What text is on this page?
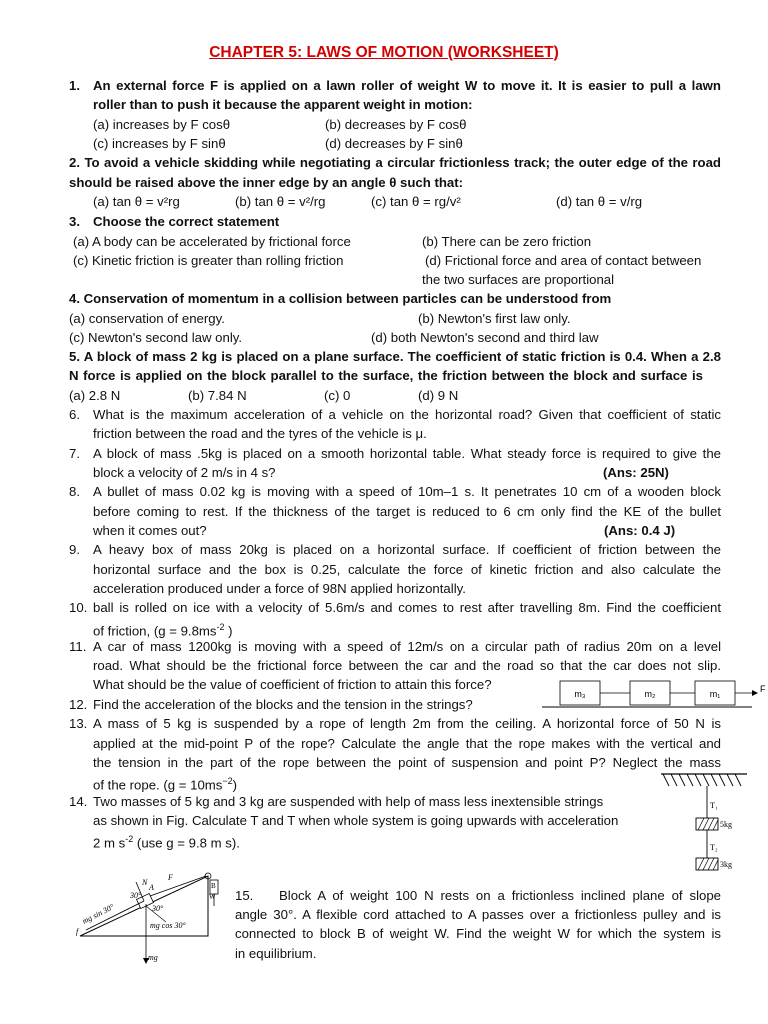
CHAPTER 5: LAWS OF MOTION (WORKSHEET)
1. An external force F is applied on a lawn roller of weight W to move it. It is easier to pull a lawn
roller than to push it because the apparent weight in motion:
(a) increases by F cosθ	(b) decreases by F cosθ
(c) increases by F sinθ	(d) decreases by F sinθ
2. To avoid a vehicle skidding while negotiating a circular frictionless track; the outer edge of the road
should be raised above the inner edge by an angle θ such that:
(a) tan θ = v²rg	(b) tan θ = v²/rg	(c) tan θ = rg/v²	(d) tan θ = v/rg
3. Choose the correct statement
(a) A body can be accelerated by frictional force	(b) There can be zero friction
(c) Kinetic friction is greater than rolling friction	(d) Frictional force and area of contact between
the two surfaces are proportional
4. Conservation of momentum in a collision between particles can be understood from
(a) conservation of energy.	(b) Newton's first law only.
(c) Newton's second law only.	(d) both Newton's second and third law
5. A block of mass 2 kg is placed on a plane surface. The coefficient of static friction is 0.4. When a 2.8
N force is applied on the block parallel to the surface, the friction between the block and surface is
(a) 2.8 N	(b) 7.84 N	(c) 0	(d) 9 N
6. What is the maximum acceleration of a vehicle on the horizontal road? Given that coefficient of static
friction between the road and the tyres of the vehicle is μ.
7. A block of mass .5kg is placed on a smooth horizontal table. What steady force is required to give the
block a velocity of 2 m/s in 4 s?	(Ans: 25N)
8. A bullet of mass 0.02 kg is moving with a speed of 10m–1 s. It penetrates 10 cm of a wooden block
before coming to rest. If the thickness of the target is reduced to 6 cm only find the KE of the bullet
when it comes out?	(Ans: 0.4 J)
9. A heavy box of mass 20kg is placed on a horizontal surface. If coefficient of friction between the
horizontal surface and the box is 0.25, calculate the force of kinetic friction and also calculate the
acceleration produced under a force of 98N applied horizontally.
10. ball is rolled on ice with a velocity of 5.6m/s and comes to rest after travelling 8m. Find the coefficient
of friction, ($g = 9.8ms^{-2}$ )
11. A car of mass 1200kg is moving with a speed of 12m/s on a circular path of radius 20m on a level
road. What should be the frictional force between the car and the road so that the car does not slip.
What should be the value of coefficient of friction to attain this force?
m₃	m₂	m₁	F
12. Find the acceleration of the blocks and the tension in the strings?
13. A mass of 5 kg is suspended by a rope of length 2m from the ceiling. A horizontal force of 50 N is
applied at the mid-point P of the rope? Calculate the angle that the rope makes with the vertical and
the tension in the part of the rope between the point of suspension and point P? Neglect the mass
of the rope. $(g = 10ms^{-2})$
14. Two masses of 5 kg and 3 kg are suspended with help of mass less inextensible strings
as shown in Fig. Calculate T and T when whole system is going upwards with acceleration
2 m $s^{-2}$ (use g = 9.8 m s).
T₁
T₂
5kg
3kg
N
A
F
B
W
30°
30°
mg sin 30°	mg cos 30°
mg
f
15. Block A of weight 100 N rests on a frictionless inclined plane of slope
angle 30°. A flexible cord attached to A passes over a frictionless pulley and is
connected to block B of weight W. Find the weight W for which the system is
in equilibrium.
